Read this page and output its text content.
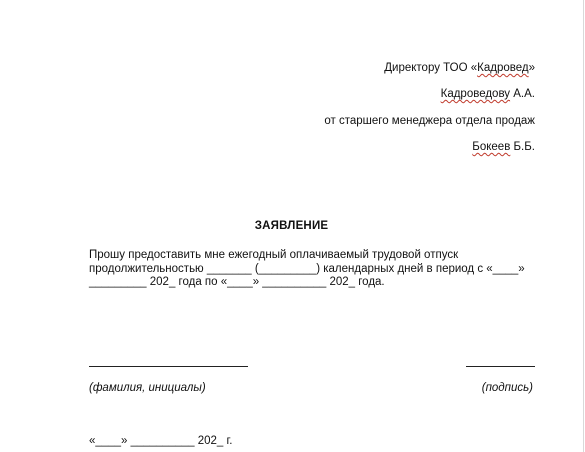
Директору ТОО «Кадровед»
Кадроведову А.А.
от старшего менеджера отдела продаж
Бокеев Б.Б.
ЗАЯВЛЕНИЕ
Прошу предоставить мне ежегодный оплачиваемый трудовой отпуск
продолжительностью _______ (_________) календарных дней в период с «____»
_________ 202_ года по «____» __________ 202_ года.
(фамилия, инициалы)	(подпись)
«____» __________ 202_ г.
